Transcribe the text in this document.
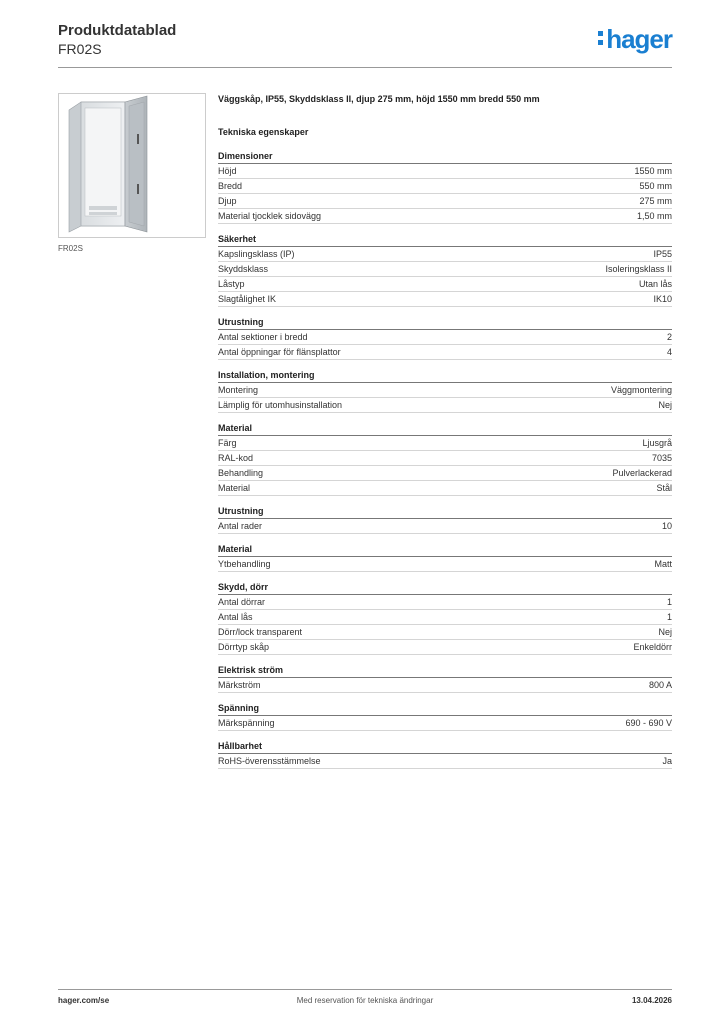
Produktdatablad
FR02S	hager
FR02S
Väggskåp, IP55, Skyddsklass II, djup 275 mm, höjd 1550 mm bredd 550 mm
Tekniska egenskaper
Dimensioner
Höjd	1550 mm
Bredd	550 mm
Djup	275 mm
Material tjocklek sidovägg	1,50 mm
Säkerhet
Kapslingsklass (IP)	IP55
Skyddsklass	Isoleringsklass II
Låstyp	Utan lås
Slagtålighet IK	IK10
Utrustning
Antal sektioner i bredd	2
Antal öppningar för flänsplattor	4
Installation, montering
Montering	Väggmontering
Lämplig för utomhusinstallation	Nej
Material
Färg	Ljusgrå
RAL-kod	7035
Behandling	Pulverlackerad
Material	Stål
Utrustning
Antal rader	10
Material
Ytbehandling	Matt
Skydd, dörr
Antal dörrar	1
Antal lås	1
Dörr/lock transparent	Nej
Dörrtyp skåp	Enkeldörr
Elektrisk ström
Märkström	800 A
Spänning
Märkspänning	690 - 690 V
Hållbarhet
RoHS-överensstämmelse	Ja
hager.com/se	Med reservation för tekniska ändringar	13.04.2026
